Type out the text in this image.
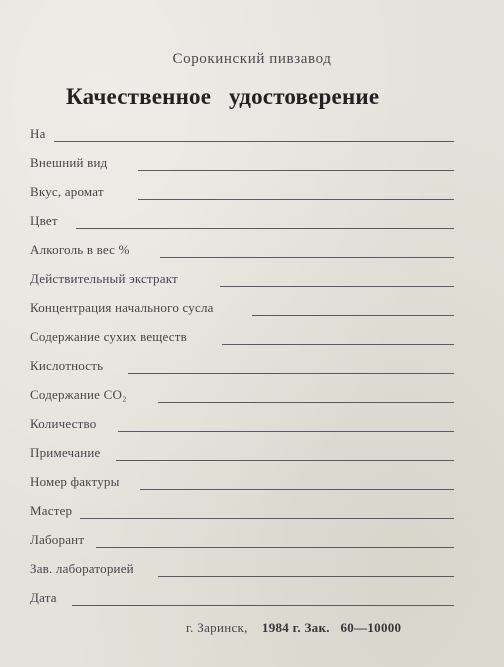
Сорокинский пивзавод
Качественное   удостоверение
На
Внешний вид
Вкус, аромат
Цвет
Алкоголь в вес %
Действительный экстракт
Концентрация начального сусла
Содержание сухих веществ
Кислотность
Содержание CO₂
Количество
Примечание
Номер фактуры
Мастер
Лаборант
Зав. лабораторией
Дата
г. Заринск, 1984 г. Зак. 60—10000
